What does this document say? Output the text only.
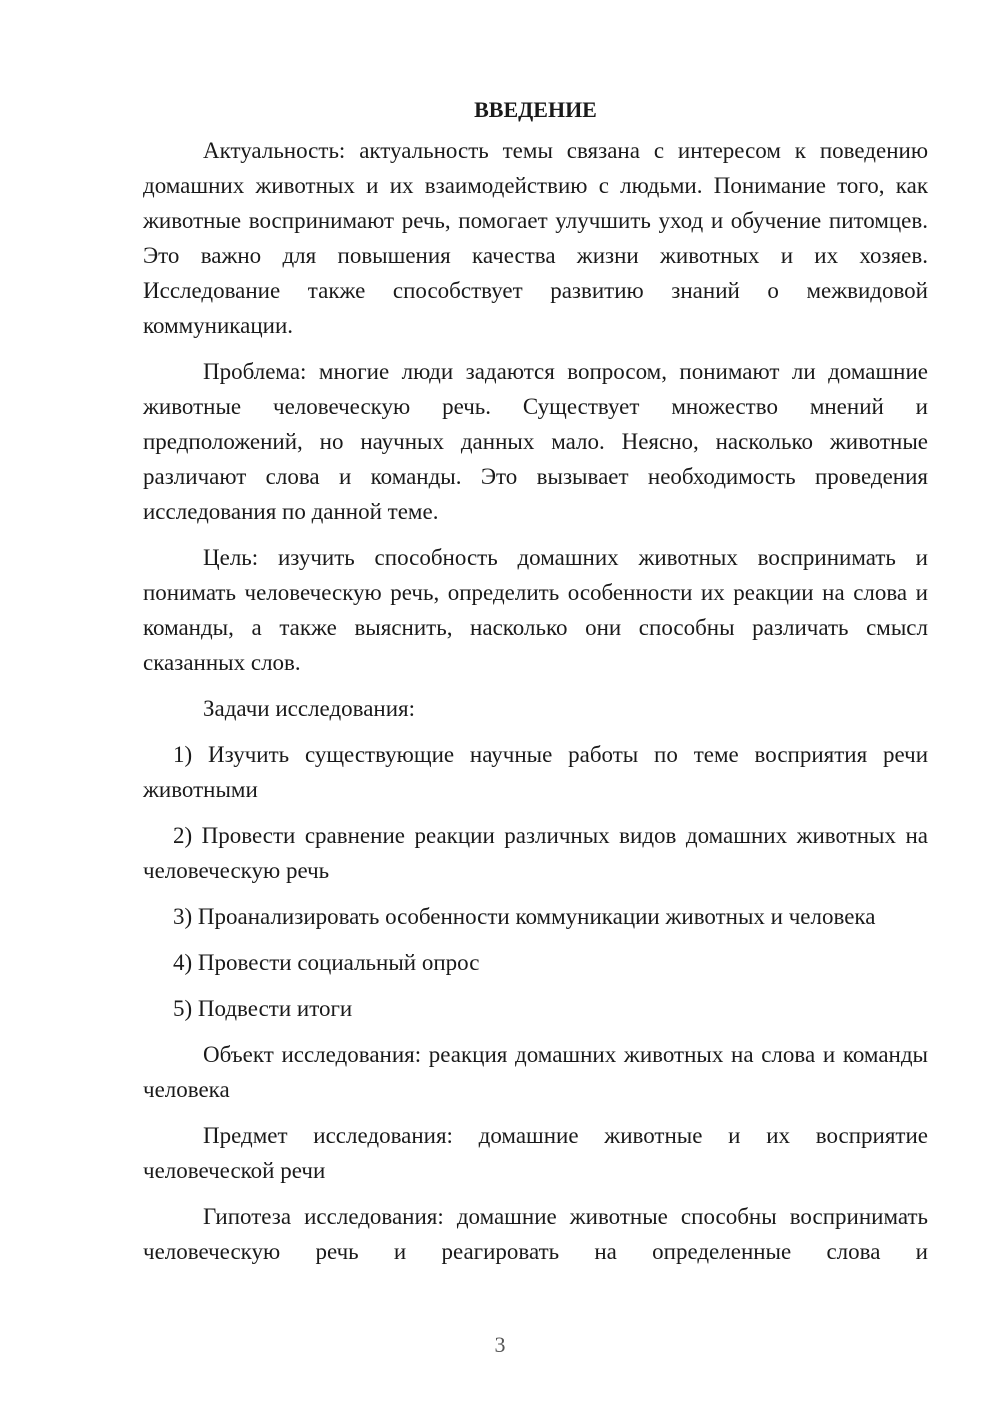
ВВЕДЕНИЕ

Актуальность: актуальность темы связана с интересом к поведению домашних животных и их взаимодействию с людьми. Понимание того, как животные воспринимают речь, помогает улучшить уход и обучение питомцев. Это важно для повышения качества жизни животных и их хозяев. Исследование также способствует развитию знаний о межвидовой коммуникации.

Проблема: многие люди задаются вопросом, понимают ли домашние животные человеческую речь. Существует множество мнений и предположений, но научных данных мало. Неясно, насколько животные различают слова и команды. Это вызывает необходимость проведения исследования по данной теме.

Цель: изучить способность домашних животных воспринимать и понимать человеческую речь, определить особенности их реакции на слова и команды, а также выяснить, насколько они способны различать смысл сказанных слов.

Задачи исследования:

1) Изучить существующие научные работы по теме восприятия речи животными

2) Провести сравнение реакции различных видов домашних животных на человеческую речь

3) Проанализировать особенности коммуникации животных и человека

4) Провести социальный опрос

5) Подвести итоги

Объект исследования: реакция домашних животных на слова и команды человека

Предмет исследования: домашние животные и их восприятие человеческой речи

Гипотеза исследования: домашние животные способны воспринимать человеческую речь и реагировать на определенные слова и

3
